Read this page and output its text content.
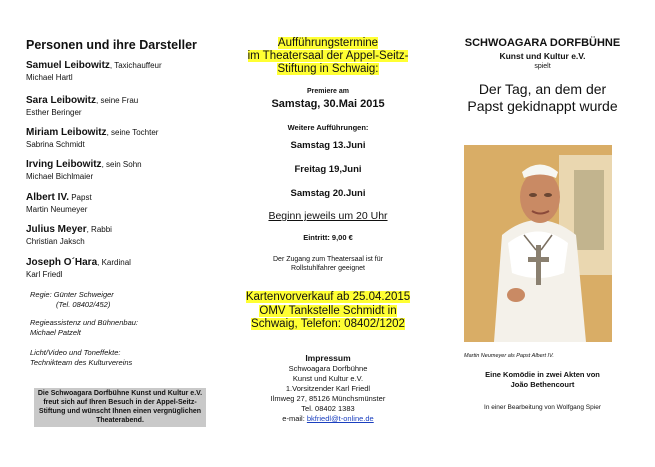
Personen und ihre Darsteller
Samuel Leibowitz, Taxichauffeur
Michael Hartl
Sara Leibowitz, seine Frau
Esther Beringer
Miriam Leibowitz, seine Tochter
Sabrina Schmidt
Irving Leibowitz, sein Sohn
Michael Bichlmaier
Albert IV. Papst
Martin Neumeyer
Julius Meyer, Rabbi
Christian Jaksch
Joseph O´Hara, Kardinal
Karl Friedl
Regie: Günter Schweiger
(Tel. 08402/452)
Regieassistenz und Bühnenbau:
Michael Patzelt
Licht/Video und Toneffekte:
Technikteam des Kulturvereins
Die Schwoagara Dorfbühne Kunst und Kultur e.V. freut sich auf Ihren Besuch in der Appel-Seitz-Stiftung und wünscht Ihnen einen vergnüglichen Theaterabend.
Aufführungstermine
im Theatersaal der Appel-Seitz-
Stiftung in Schwaig:
Premiere am
Samstag, 30.Mai 2015
Weitere Aufführungen:
Samstag 13.Juni
Freitag 19,Juni
Samstag 20.Juni
Beginn jeweils um 20 Uhr
Eintritt: 9,00 €
Der Zugang zum Theatersaal ist für
Rollstuhlfahrer geeignet
Kartenvorverkauf ab 25.04.2015
OMV Tankstelle Schmidt in
Schwaig, Telefon: 08402/1202
Impressum
Schwoagara Dorfbühne
Kunst und Kultur e.V.
1.Vorsitzender Karl Friedl
Ilmweg 27, 85126 Münchsmünster
Tel. 08402 1383
e-mail: bkfriedl@t-online.de
SCHWOAGARA DORFBÜHNE
Kunst und Kultur e.V.
spielt
Der Tag, an dem der
Papst gekidnappt wurde
Martin Neumeyer als Papst Albert IV.
Eine Komödie in zwei Akten von
João Bethencourt
In einer Bearbeitung von Wolfgang Spier
